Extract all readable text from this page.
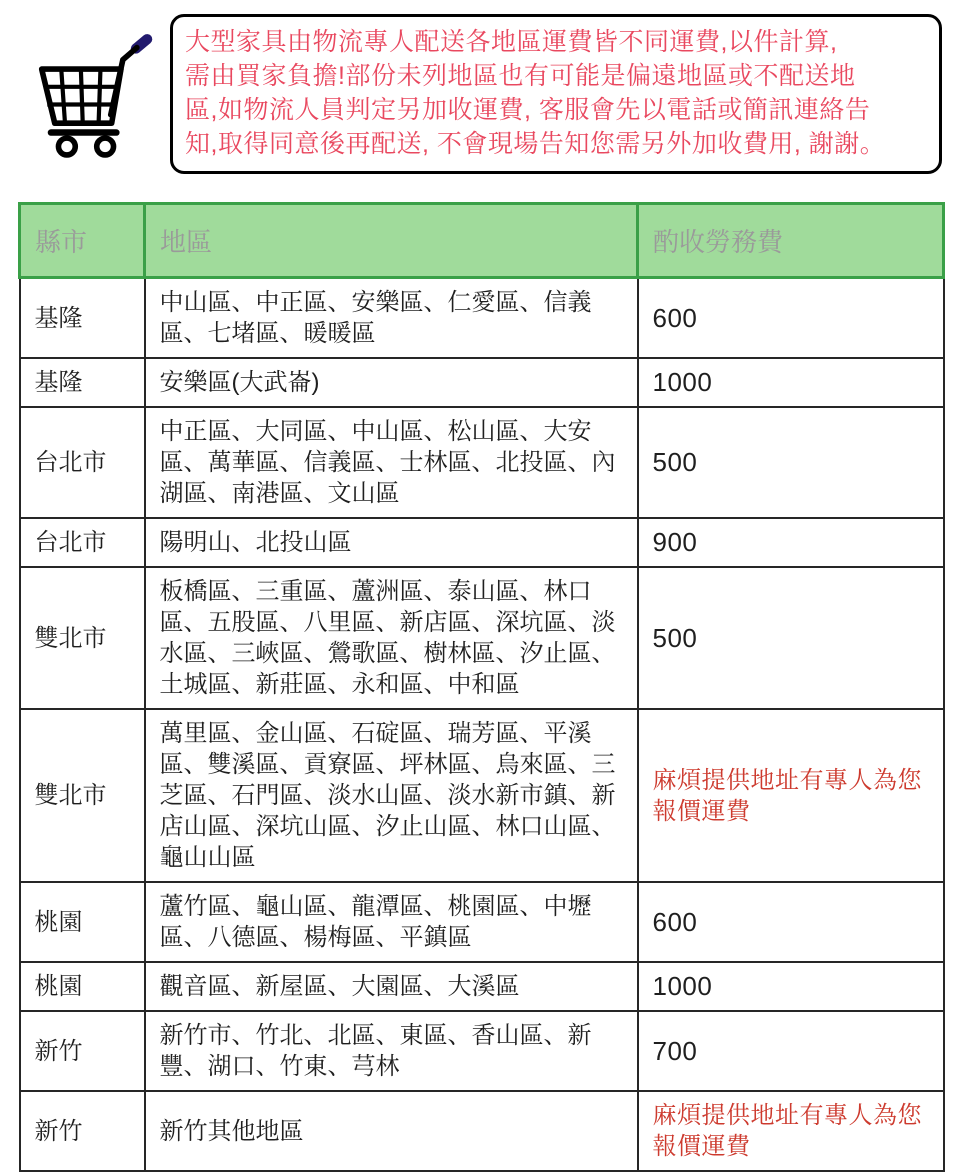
大型家具由物流專人配送各地區運費皆不同運費,以件計算,
需由買家負擔!部份未列地區也有可能是偏遠地區或不配送地
區,如物流人員判定另加收運費, 客服會先以電話或簡訊連絡告
知,取得同意後再配送, 不會現場告知您需另外加收費用, 謝謝。
縣市	地區	酌收勞務費
基隆	中山區、中正區、安樂區、仁愛區、信義區、七堵區、暖暖區	600
基隆	安樂區(大武崙)	1000
台北市	中正區、大同區、中山區、松山區、大安區、萬華區、信義區、士林區、北投區、內湖區、南港區、文山區	500
台北市	陽明山、北投山區	900
雙北市	板橋區、三重區、蘆洲區、泰山區、林口區、五股區、八里區、新店區、深坑區、淡水區、三峽區、鶯歌區、樹林區、汐止區、土城區、新莊區、永和區、中和區	500
雙北市	萬里區、金山區、石碇區、瑞芳區、平溪區、雙溪區、貢寮區、坪林區、烏來區、三芝區、石門區、淡水山區、淡水新市鎮、新店山區、深坑山區、汐止山區、林口山區、龜山山區	麻煩提供地址有專人為您報價運費
桃園	蘆竹區、龜山區、龍潭區、桃園區、中壢區、八德區、楊梅區、平鎮區	600
桃園	觀音區、新屋區、大園區、大溪區	1000
新竹	新竹市、竹北、北區、東區、香山區、新豐、湖口、竹東、芎林	700
新竹	新竹其他地區	麻煩提供地址有專人為您報價運費
